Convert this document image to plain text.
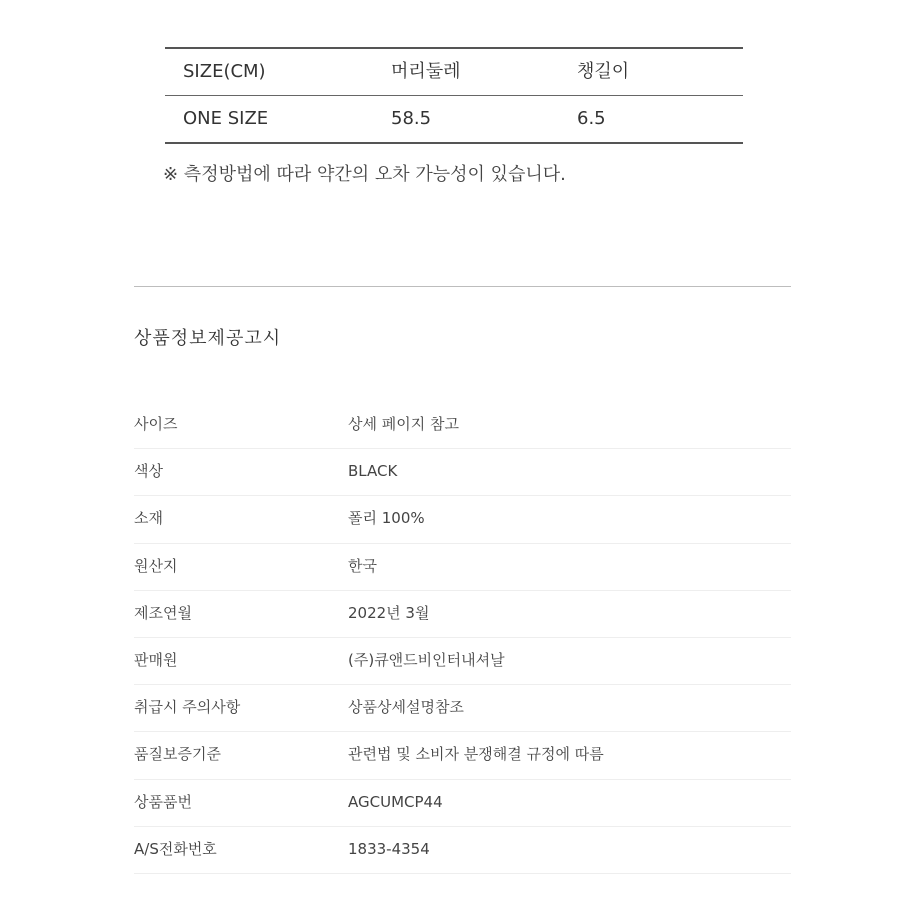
SIZE(CM)	머리둘레	챙길이
ONE SIZE	58.5	6.5
※ 측정방법에 따라 약간의 오차 가능성이 있습니다.
상품정보제공고시
사이즈	상세 페이지 참고
색상	BLACK
소재	폴리 100%
원산지	한국
제조연월	2022년 3월
판매원	(주)큐앤드비인터내셔날
취급시 주의사항	상품상세설명참조
품질보증기준	관련법 및 소비자 분쟁해결 규정에 따름
상품품번	AGCUMCP44
A/S전화번호	1833-4354
